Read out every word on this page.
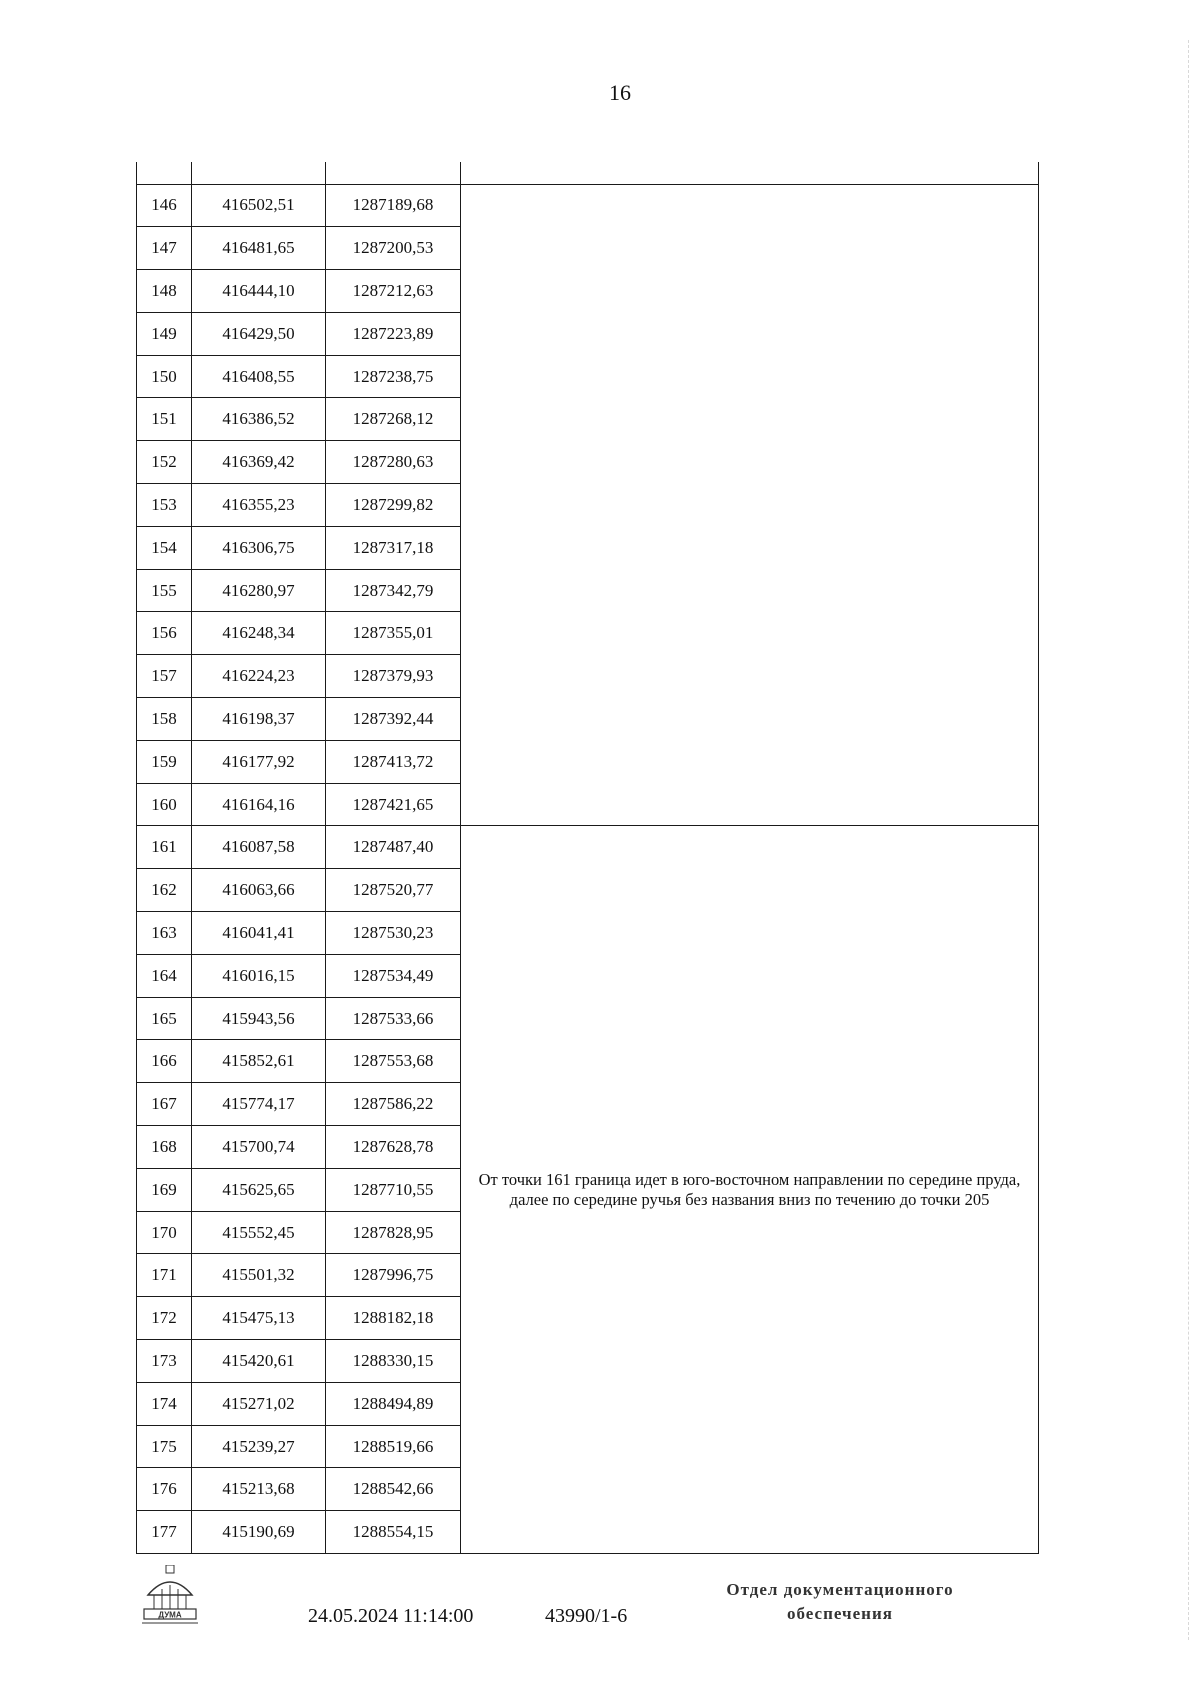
16

146	416502,51	1287189,68	
147	416481,65	1287200,53	
148	416444,10	1287212,63	
149	416429,50	1287223,89	
150	416408,55	1287238,75	
151	416386,52	1287268,12	
152	416369,42	1287280,63	
153	416355,23	1287299,82	
154	416306,75	1287317,18	
155	416280,97	1287342,79	
156	416248,34	1287355,01	
157	416224,23	1287379,93	
158	416198,37	1287392,44	
159	416177,92	1287413,72	
160	416164,16	1287421,65	
161	416087,58	1287487,40	От точки 161 граница идет в юго-восточном направлении по середине пруда, далее по середине ручья без названия вниз по течению до точки 205
162	416063,66	1287520,77	
163	416041,41	1287530,23	
164	416016,15	1287534,49	
165	415943,56	1287533,66	
166	415852,61	1287553,68	
167	415774,17	1287586,22	
168	415700,74	1287628,78	
169	415625,65	1287710,55	
170	415552,45	1287828,95	
171	415501,32	1287996,75	
172	415475,13	1288182,18	
173	415420,61	1288330,15	
174	415271,02	1288494,89	
175	415239,27	1288519,66	
176	415213,68	1288542,66	
177	415190,69	1288554,15	
ДУМА	24.05.2024 11:14:00	43990/1-6
Отдел документационного обеспечения
